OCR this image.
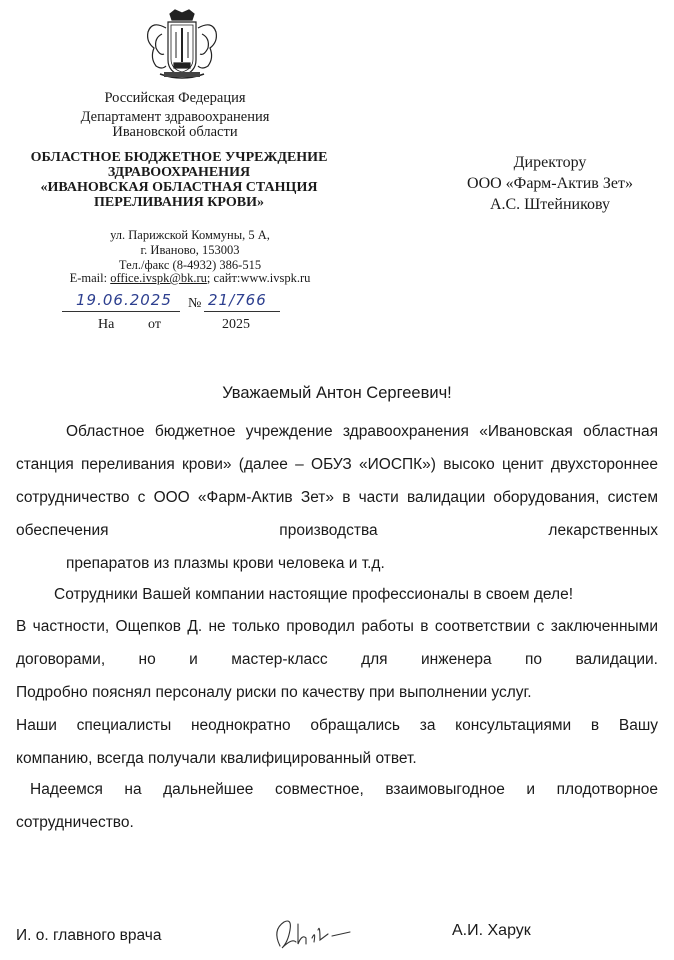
Российская Федерация
Департамент здравоохранения
Ивановской области
ОБЛАСТНОЕ БЮДЖЕТНОЕ УЧРЕЖДЕНИЕ
ЗДРАВООХРАНЕНИЯ
«ИВАНОВСКАЯ ОБЛАСТНАЯ СТАНЦИЯ
ПЕРЕЛИВАНИЯ КРОВИ»
ул. Парижской Коммуны, 5 А,
г. Иваново, 153003
Тел./факс (8-4932) 386-515
E-mail: office.ivspk@bk.ru; сайт:www.ivspk.ru
19.06.2025 № 21/766
На от	2025
Директору
ООО «Фарм-Актив Зет»
А.С. Штейникову
Уважаемый Антон Сергеевич!
Областное бюджетное учреждение здравоохранения «Ивановская областная станция переливания крови» (далее – ОБУЗ «ИОСПК») высоко ценит двухстороннее сотрудничество с ООО «Фарм-Актив Зет» в части валидации оборудования, систем обеспечения производства лекарственных
препаратов из плазмы крови человека и т.д.
Сотрудники Вашей компании настоящие профессионалы в своем деле!
В частности, Ощепков Д. не только проводил работы в соответствии с заключенными договорами, но и мастер-класс для инженера по валидации.
Подробно пояснял персоналу риски по качеству при выполнении услуг.
Наши специалисты неоднократно обращались за консультациями в Вашу
компанию, всегда получали квалифицированный ответ.
Надеемся на дальнейшее совместное, взаимовыгодное и плодотворное
сотрудничество.
И. о. главного врача	А.И. Харук
